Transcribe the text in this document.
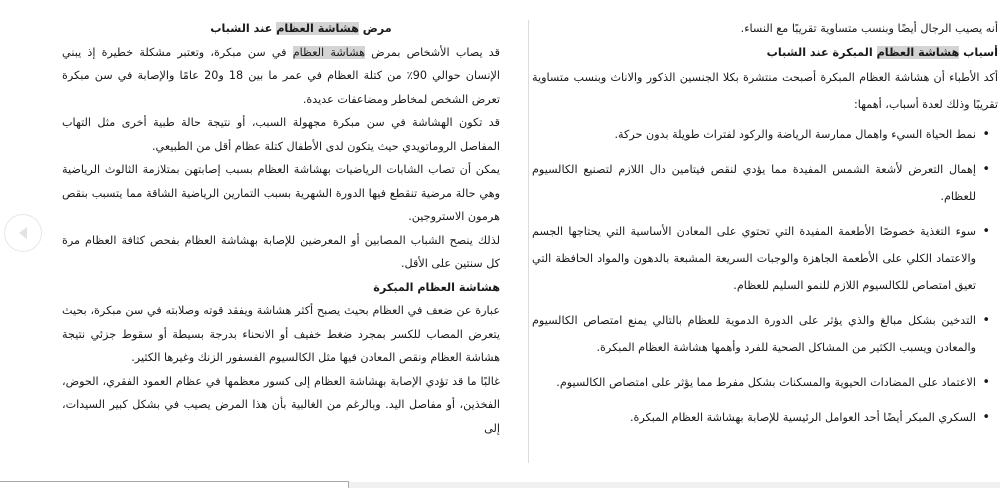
مرض هشاشة العظام عند الشباب

قد يصاب الأشخاص بمرض هشاشة العظام في سن مبكرة، وتعتبر مشكلة خطيرة إذ يبني الإنسان حوالي 90٪ من كتلة العظام في عمر ما بين 18 و20 عامًا والإصابة في سن مبكرة تعرض الشخص لمخاطر ومضاعفات عديدة.

قد تكون الهشاشة في سن مبكرة مجهولة السبب، أو نتيجة حالة طبية أخرى مثل التهاب المفاصل الروماتويدي حيث يتكون لدى الأطفال كتلة عظام أقل من الطبيعي.

يمكن أن تصاب الشابات الرياضيات بهشاشة العظام بسبب إصابتهن بمتلازمة الثالوث الرياضية وهي حالة مرضية تنقطع فيها الدورة الشهرية بسبب التمارين الرياضية الشاقة مما يتسبب بنقص هرمون الاستروجين.

لذلك ينصح الشباب المصابين أو المعرضين للإصابة بهشاشة العظام بفحص كثافة العظام مرة كل سنتين على الأقل.

هشاشة العظام المبكرة

عبارة عن ضعف في العظام بحيث يصبح أكثر هشاشة ويفقد قوته وصلابته في سن مبكرة، بحيث يتعرض المصاب للكسر بمجرد ضغط خفيف أو الانحناء بدرجة بسيطة أو سقوط جزئي نتيجة هشاشة العظام ونقص المعادن فيها مثل الكالسيوم الفسفور الزنك وغيرها الكثير.

غالبًا ما قد تؤدي الإصابة بهشاشة العظام إلى كسور معظمها في عظام العمود الفقري، الحوض، الفخذين، أو مفاصل اليد. وبالرغم من الغالبية بأن هذا المرض يصيب في بشكل كبير السيدات، إلى

أنه يصيب الرجال أيضًا وبنسب متساوية تقريبًا مع النساء.

أسباب هشاشة العظام المبكرة عند الشباب

أكد الأطباء أن هشاشة العظام المبكرة أصبحت منتشرة بكلا الجنسين الذكور والاناث وبنسب متساوية تقريبًا وذلك لعدة أسباب، أهمها:

• نمط الحياة السيء واهمال ممارسة الرياضة والركود لفترات طويلة بدون حركة.
• إهمال التعرض لأشعة الشمس المفيدة مما يؤدي لنقص فيتامين دال اللازم لتصنيع الكالسيوم للعظام.
• سوء التغذية خصوصًا الأطعمة المفيدة التي تحتوي على المعادن الأساسية التي يحتاجها الجسم والاعتماد الكلي على الأطعمة الجاهزة والوجبات السريعة المشبعة بالدهون والمواد الحافظة التي تعيق امتصاص للكالسيوم اللازم للنمو السليم للعظام.
• التدخين بشكل مبالغ والذي يؤثر على الدورة الدموية للعظام بالتالي يمنع امتصاص الكالسيوم والمعادن ويسبب الكثير من المشاكل الصحية للفرد وأهمها هشاشة العظام المبكرة.
• الاعتماد على المضادات الحيوية والمسكنات بشكل مفرط مما يؤثر على امتصاص الكالسيوم.
• السكري المبكر أيضًا أحد العوامل الرئيسية للإصابة بهشاشة العظام المبكرة.
